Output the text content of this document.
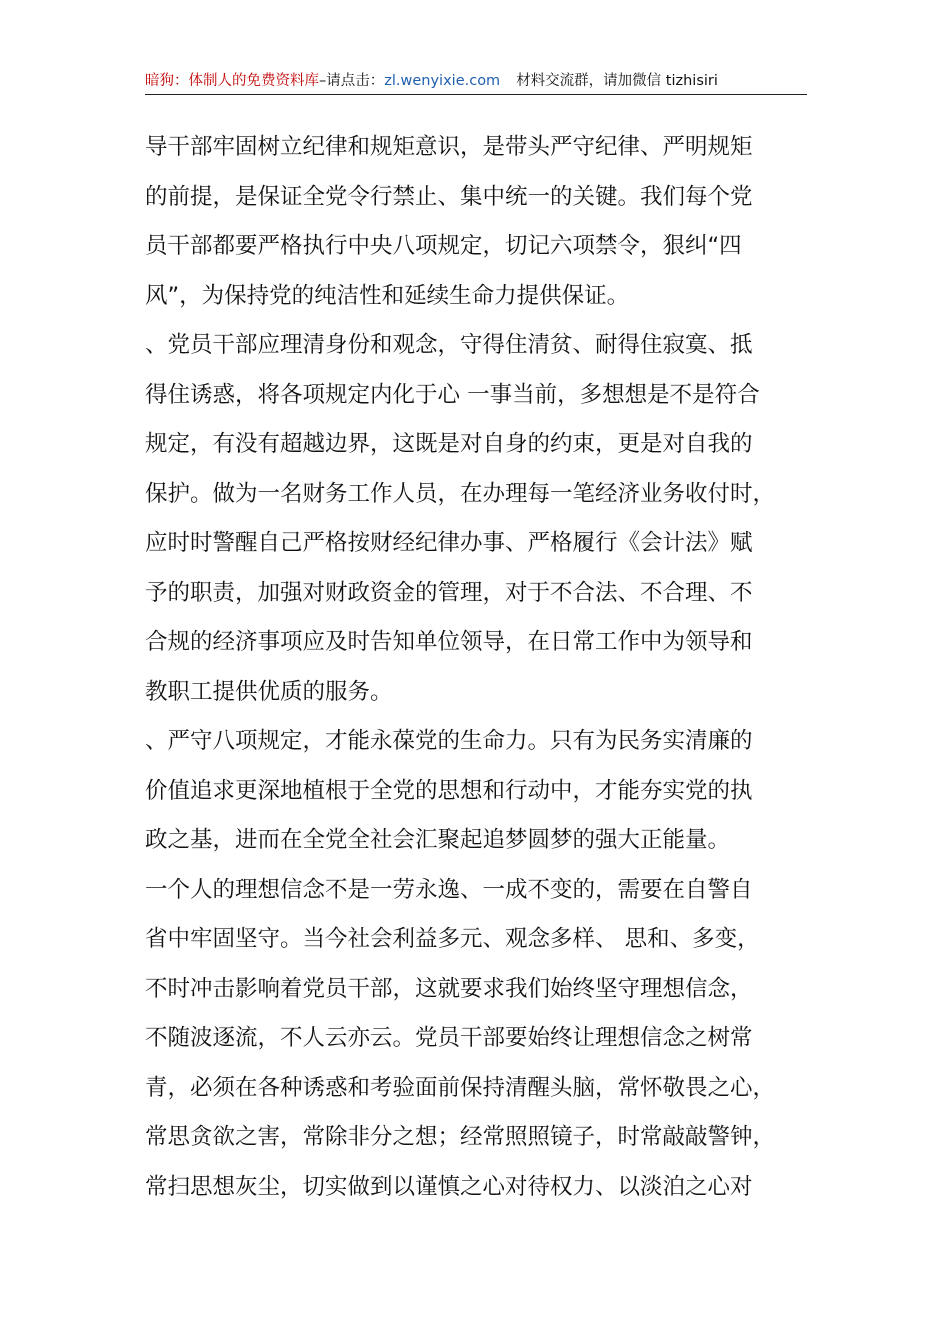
暗狗：体制人的免费资料库–请点击：zl.wenyixie.com 材料交流群，请加微信 tizhisiri
导干部牢固树立纪律和规矩意识，是带头严守纪律、严明规矩
的前提，是保证全党令行禁止、集中统一的关键。我们每个党
员干部都要严格执行中央八项规定，切记六项禁令，狠纠“四
风”，为保持党的纯洁性和延续生命力提供保证。
、党员干部应理清身份和观念，守得住清贫、耐得住寂寞、抵
得住诱惑，将各项规定内化于心 一事当前，多想想是不是符合
规定，有没有超越边界，这既是对自身的约束，更是对自我的
保护。做为一名财务工作人员，在办理每一笔经济业务收付时，
应时时警醒自己严格按财经纪律办事、严格履行《会计法》赋
予的职责，加强对财政资金的管理，对于不合法、不合理、不
合规的经济事项应及时告知单位领导，在日常工作中为领导和
教职工提供优质的服务。
、严守八项规定，才能永葆党的生命力。只有为民务实清廉的
价值追求更深地植根于全党的思想和行动中，才能夯实党的执
政之基，进而在全党全社会汇聚起追梦圆梦的强大正能量。
一个人的理想信念不是一劳永逸、一成不变的，需要在自警自
省中牢固坚守。当今社会利益多元、观念多样、 思和、多变，
不时冲击影响着党员干部，这就要求我们始终坚守理想信念，
不随波逐流，不人云亦云。党员干部要始终让理想信念之树常
青，必须在各种诱惑和考验面前保持清醒头脑，常怀敬畏之心，
常思贪欲之害，常除非分之想；经常照照镜子，时常敲敲警钟，
常扫思想灰尘，切实做到以谨慎之心对待权力、以淡泊之心对
